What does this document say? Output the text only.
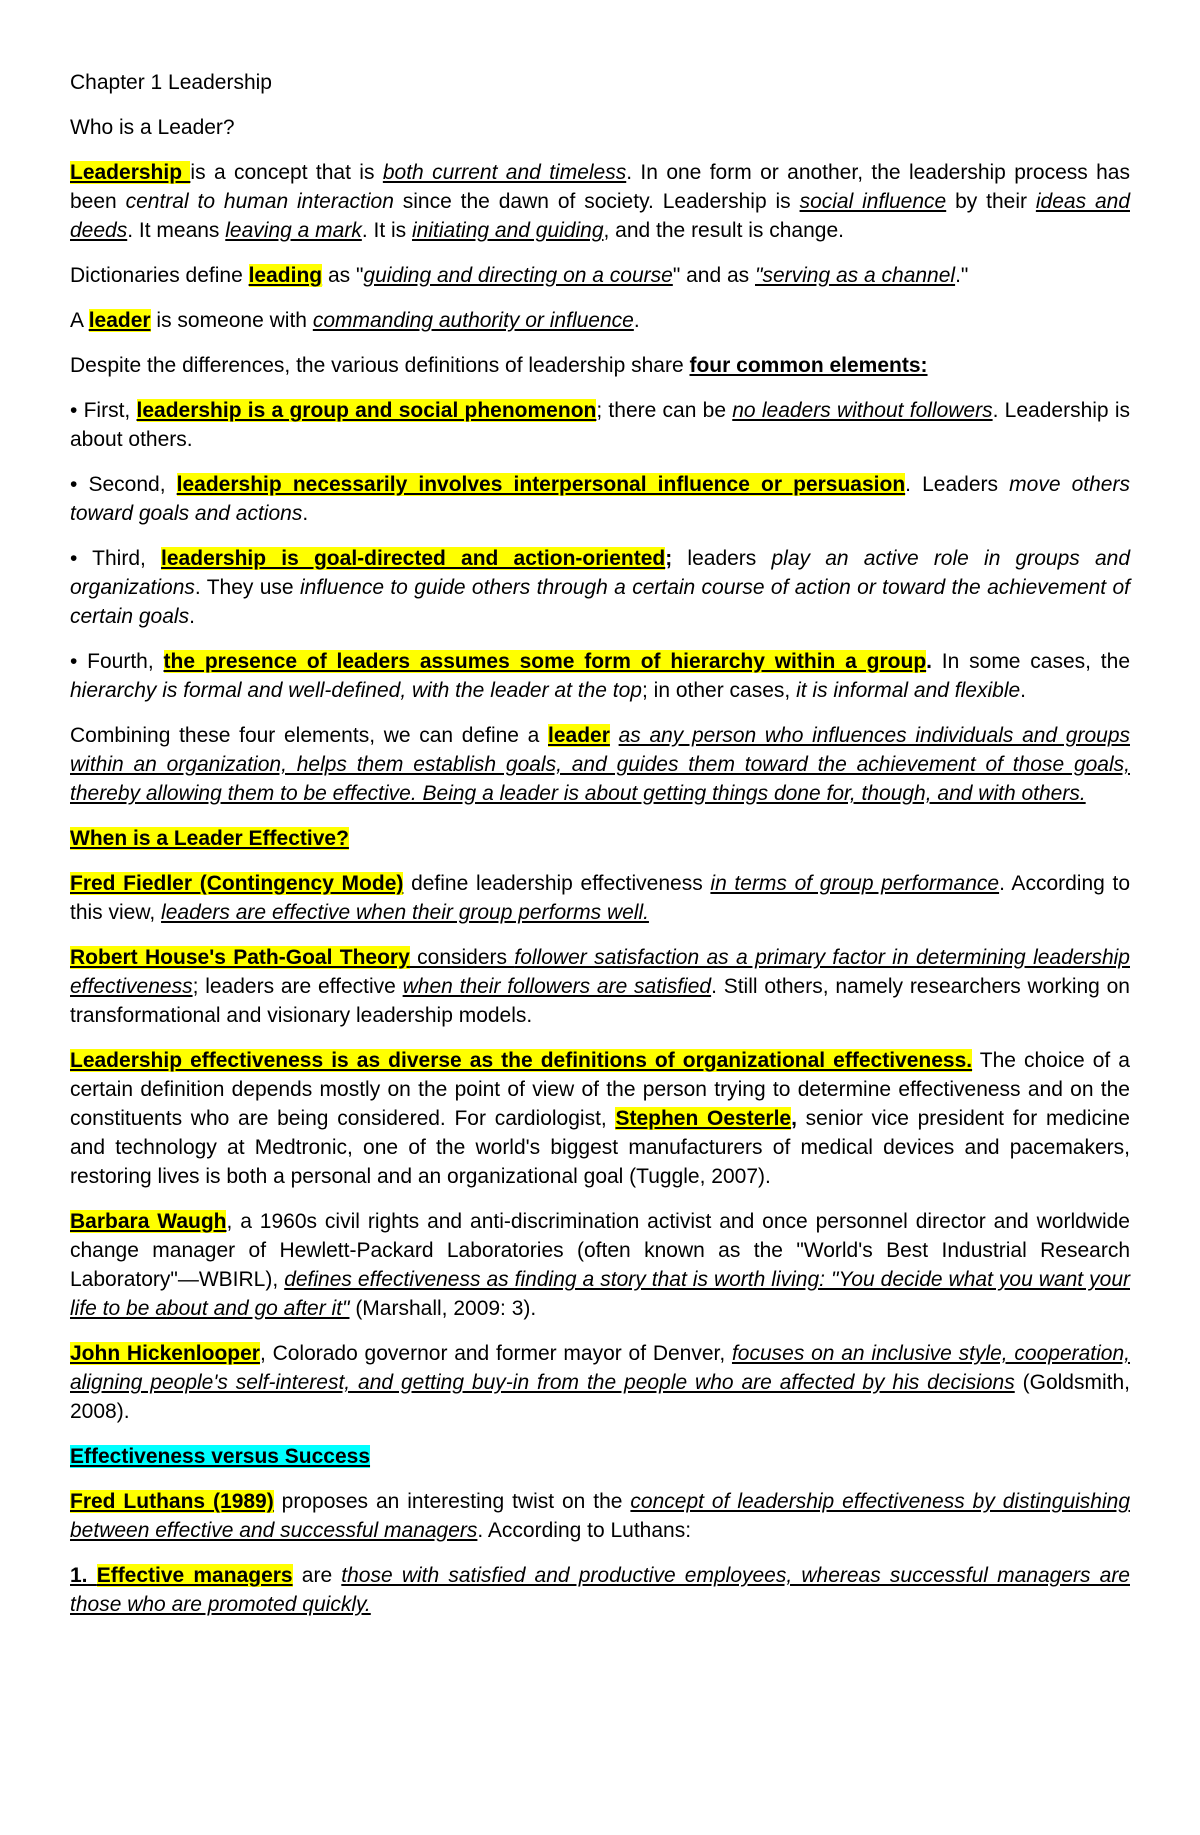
Chapter 1 Leadership

Who is a Leader?

Leadership is a concept that is both current and timeless. In one form or another, the leadership process has been central to human interaction since the dawn of society. Leadership is social influence by their ideas and deeds. It means leaving a mark. It is initiating and guiding, and the result is change.

Dictionaries define leading as "guiding and directing on a course" and as "serving as a channel."

A leader is someone with commanding authority or influence.

Despite the differences, the various definitions of leadership share four common elements:

• First, leadership is a group and social phenomenon; there can be no leaders without followers. Leadership is about others.

• Second, leadership necessarily involves interpersonal influence or persuasion. Leaders move others toward goals and actions.

• Third, leadership is goal-directed and action-oriented; leaders play an active role in groups and organizations. They use influence to guide others through a certain course of action or toward the achievement of certain goals.

• Fourth, the presence of leaders assumes some form of hierarchy within a group. In some cases, the hierarchy is formal and well-defined, with the leader at the top; in other cases, it is informal and flexible.

Combining these four elements, we can define a leader as any person who influences individuals and groups within an organization, helps them establish goals, and guides them toward the achievement of those goals, thereby allowing them to be effective. Being a leader is about getting things done for, though, and with others.

When is a Leader Effective?

Fred Fiedler (Contingency Mode) define leadership effectiveness in terms of group performance. According to this view, leaders are effective when their group performs well.

Robert House's Path-Goal Theory considers follower satisfaction as a primary factor in determining leadership effectiveness; leaders are effective when their followers are satisfied. Still others, namely researchers working on transformational and visionary leadership models.

Leadership effectiveness is as diverse as the definitions of organizational effectiveness. The choice of a certain definition depends mostly on the point of view of the person trying to determine effectiveness and on the constituents who are being considered. For cardiologist, Stephen Oesterle, senior vice president for medicine and technology at Medtronic, one of the world's biggest manufacturers of medical devices and pacemakers, restoring lives is both a personal and an organizational goal (Tuggle, 2007).

Barbara Waugh, a 1960s civil rights and anti-discrimination activist and once personnel director and worldwide change manager of Hewlett-Packard Laboratories (often known as the "World's Best Industrial Research Laboratory"—WBIRL), defines effectiveness as finding a story that is worth living: "You decide what you want your life to be about and go after it" (Marshall, 2009: 3).

John Hickenlooper, Colorado governor and former mayor of Denver, focuses on an inclusive style, cooperation, aligning people's self-interest, and getting buy-in from the people who are affected by his decisions (Goldsmith, 2008).

Effectiveness versus Success

Fred Luthans (1989) proposes an interesting twist on the concept of leadership effectiveness by distinguishing between effective and successful managers. According to Luthans:

1. Effective managers are those with satisfied and productive employees, whereas successful managers are those who are promoted quickly.
